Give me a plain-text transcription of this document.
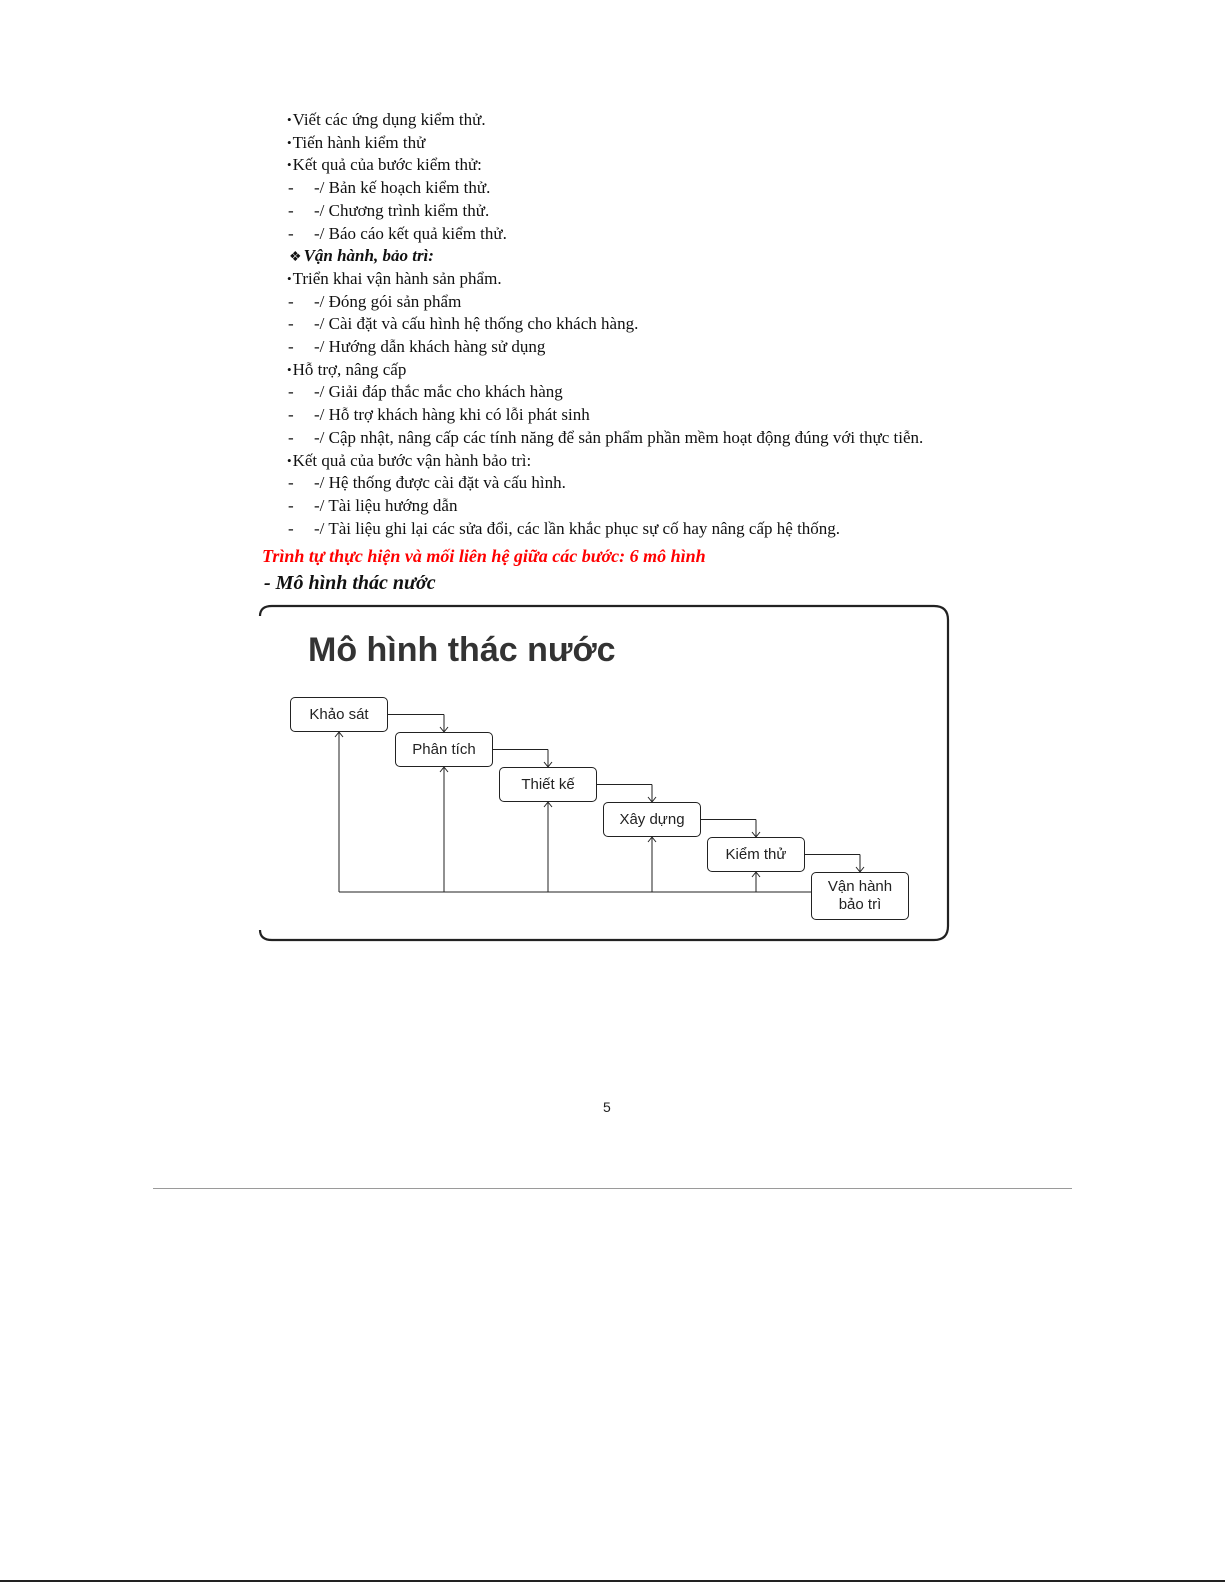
•Viết các ứng dụng kiểm thử.
•Tiến hành kiểm thử
•Kết quả của bước kiểm thử:
- -/ Bản kế hoạch kiểm thử.
- -/ Chương trình kiểm thử.
- -/ Báo cáo kết quả kiểm thử.
❖ Vận hành, bảo trì:
•Triển khai vận hành sản phẩm.
- -/ Đóng gói sản phẩm
- -/ Cài đặt và cấu hình hệ thống cho khách hàng.
- -/ Hướng dẫn khách hàng sử dụng
•Hỗ trợ, nâng cấp
- -/ Giải đáp thắc mắc cho khách hàng
- -/ Hỗ trợ khách hàng khi có lỗi phát sinh
- -/ Cập nhật, nâng cấp các tính năng để sản phẩm phần mềm hoạt động đúng với thực tiễn.
•Kết quả của bước vận hành bảo trì:
- -/ Hệ thống được cài đặt và cấu hình.
- -/ Tài liệu hướng dẫn
- -/ Tài liệu ghi lại các sửa đổi, các lần khắc phục sự cố hay nâng cấp hệ thống.
Trình tự thực hiện và mối liên hệ giữa các bước: 6 mô hình
- Mô hình thác nước
Mô hình thác nước
Khảo sát
Phân tích
Thiết kế
Xây dựng
Kiểm thử
Vận hành
bảo trì
5
